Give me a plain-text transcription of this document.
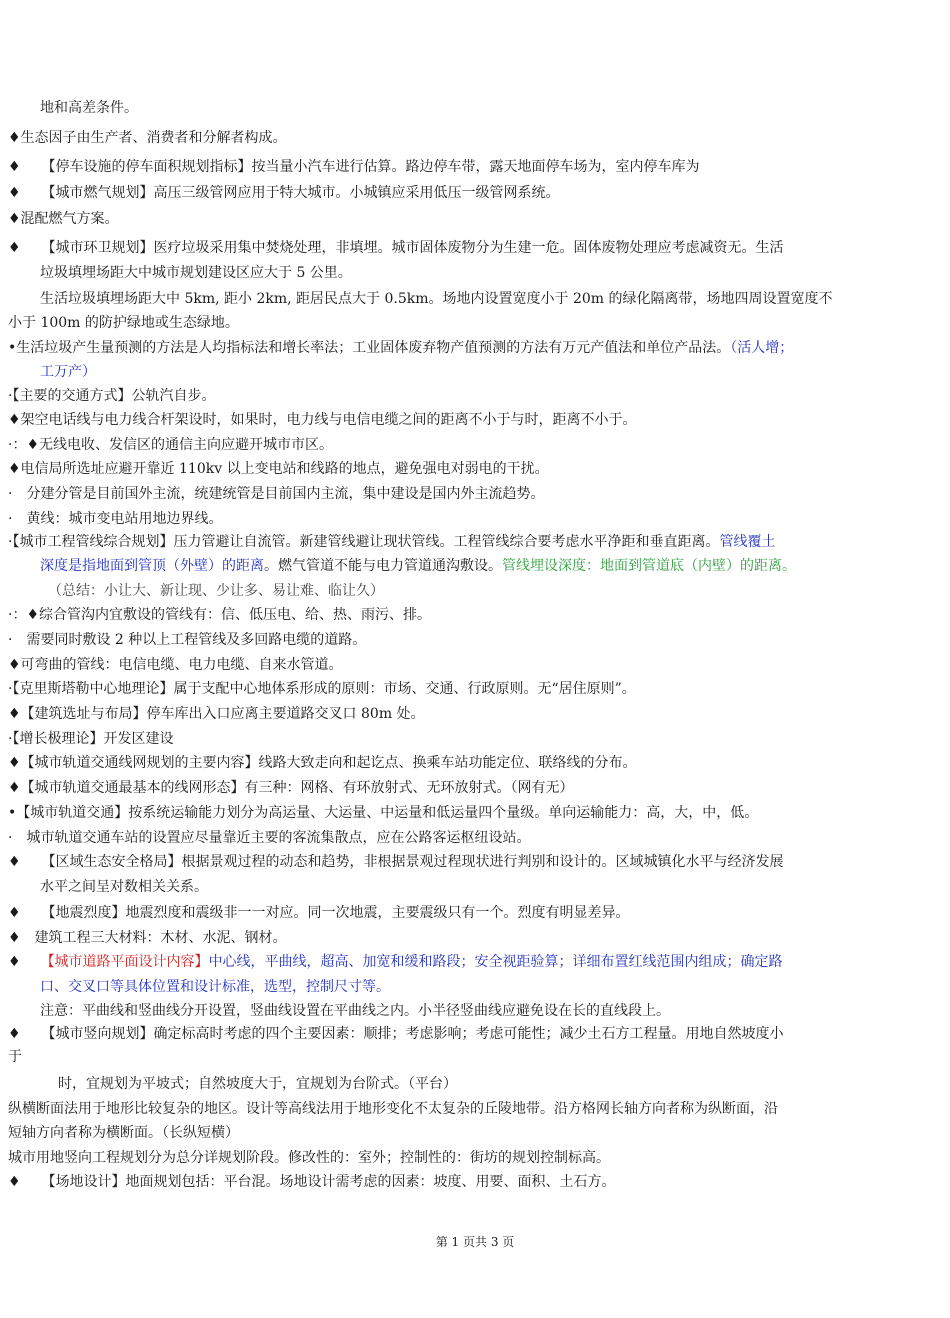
地和高差条件。
♦生态因子由生产者、消费者和分解者构成。
♦　　【停车设施的停车面积规划指标】按当量小汽车进行估算。路边停车带，露天地面停车场为，室内停车库为
♦　　【城市燃气规划】高压三级管网应用于特大城市。小城镇应采用低压一级管网系统。
♦混配燃气方案。
♦　　【城市环卫规划】医疗垃圾采用集中焚烧处理，非填埋。城市固体废物分为生建一危。固体废物处理应考虑减资无。生活
垃圾填埋场距大中城市规划建设区应大于 5 公里。
生活垃圾填埋场距大中 5km, 距小 2km, 距居民点大于 0.5km。场地内设置宽度小于 20m 的绿化隔离带，场地四周设置宽度不
小于 100m 的防护绿地或生态绿地。
•生活垃圾产生量预测的方法是人均指标法和增长率法；工业固体废弃物产值预测的方法有万元产值法和单位产品法。（活人增；
工万产）
·【主要的交通方式】公轨汽自步。
♦架空电话线与电力线合杆架设时，如果时，电力线与电信电缆之间的距离不小于与时，距离不小于。
·：♦无线电收、发信区的通信主向应避开城市市区。
♦电信局所选址应避开靠近 110kv 以上变电站和线路的地点，避免强电对弱电的干扰。
·　分建分管是目前国外主流，统建统管是目前国内主流，集中建设是国内外主流趋势。
·　黄线：城市变电站用地边界线。
·【城市工程管线综合规划】压力管避让自流管。新建管线避让现状管线。工程管线综合要考虑水平净距和垂直距离。管线覆土
深度是指地面到管顶（外壁）的距离。燃气管道不能与电力管道通沟敷设。管线埋设深度：地面到管道底（内壁）的距离。
（总结：小让大、新让现、少让多、易让难、临让久）
·：♦综合管沟内宜敷设的管线有：信、低压电、给、热、雨污、排。
·　需要同时敷设 2 种以上工程管线及多回路电缆的道路。
♦可弯曲的管线：电信电缆、电力电缆、自来水管道。
·【克里斯塔勒中心地理论】属于支配中心地体系形成的原则：市场、交通、行政原则。无“居住原则”。
♦【建筑选址与布局】停车库出入口应离主要道路交叉口 80m 处。
·【增长极理论】开发区建设
♦【城市轨道交通线网规划的主要内容】线路大致走向和起讫点、换乘车站功能定位、联络线的分布。
♦【城市轨道交通最基本的线网形态】有三种：网格、有环放射式、无环放射式。（网有无）
•【城市轨道交通】按系统运输能力划分为高运量、大运量、中运量和低运量四个量级。单向运输能力：高，大，中，低。
·　城市轨道交通车站的设置应尽量靠近主要的客流集散点，应在公路客运枢纽设站。
♦　　【区域生态安全格局】根据景观过程的动态和趋势，非根据景观过程现状进行判别和设计的。区域城镇化水平与经济发展
水平之间呈对数相关关系。
♦　　【地震烈度】地震烈度和震级非一一对应。同一次地震，主要震级只有一个。烈度有明显差异。
♦　建筑工程三大材料：木材、水泥、钢材。
♦ 【城市道路平面设计内容】中心线，平曲线，超高、加宽和缓和路段；安全视距验算；详细布置红线范围内组成；确定路
口、交叉口等具体位置和设计标准，选型，控制尺寸等。
注意：平曲线和竖曲线分开设置，竖曲线设置在平曲线之内。小半径竖曲线应避免设在长的直线段上。
♦　　【城市竖向规划】确定标高时考虑的四个主要因素：顺排；考虑影响；考虑可能性；减少土石方工程量。用地自然坡度小
于
时，宜规划为平坡式；自然坡度大于，宜规划为台阶式。（平台）
纵横断面法用于地形比较复杂的地区。设计等高线法用于地形变化不太复杂的丘陵地带。沿方格网长轴方向者称为纵断面，沿
短轴方向者称为横断面。（长纵短横）
城市用地竖向工程规划分为总分详规划阶段。修改性的：室外；控制性的：街坊的规划控制标高。
♦　　【场地设计】地面规划包括：平台混。场地设计需考虑的因素：坡度、用要、面积、土石方。
第 1 页共 3 页
